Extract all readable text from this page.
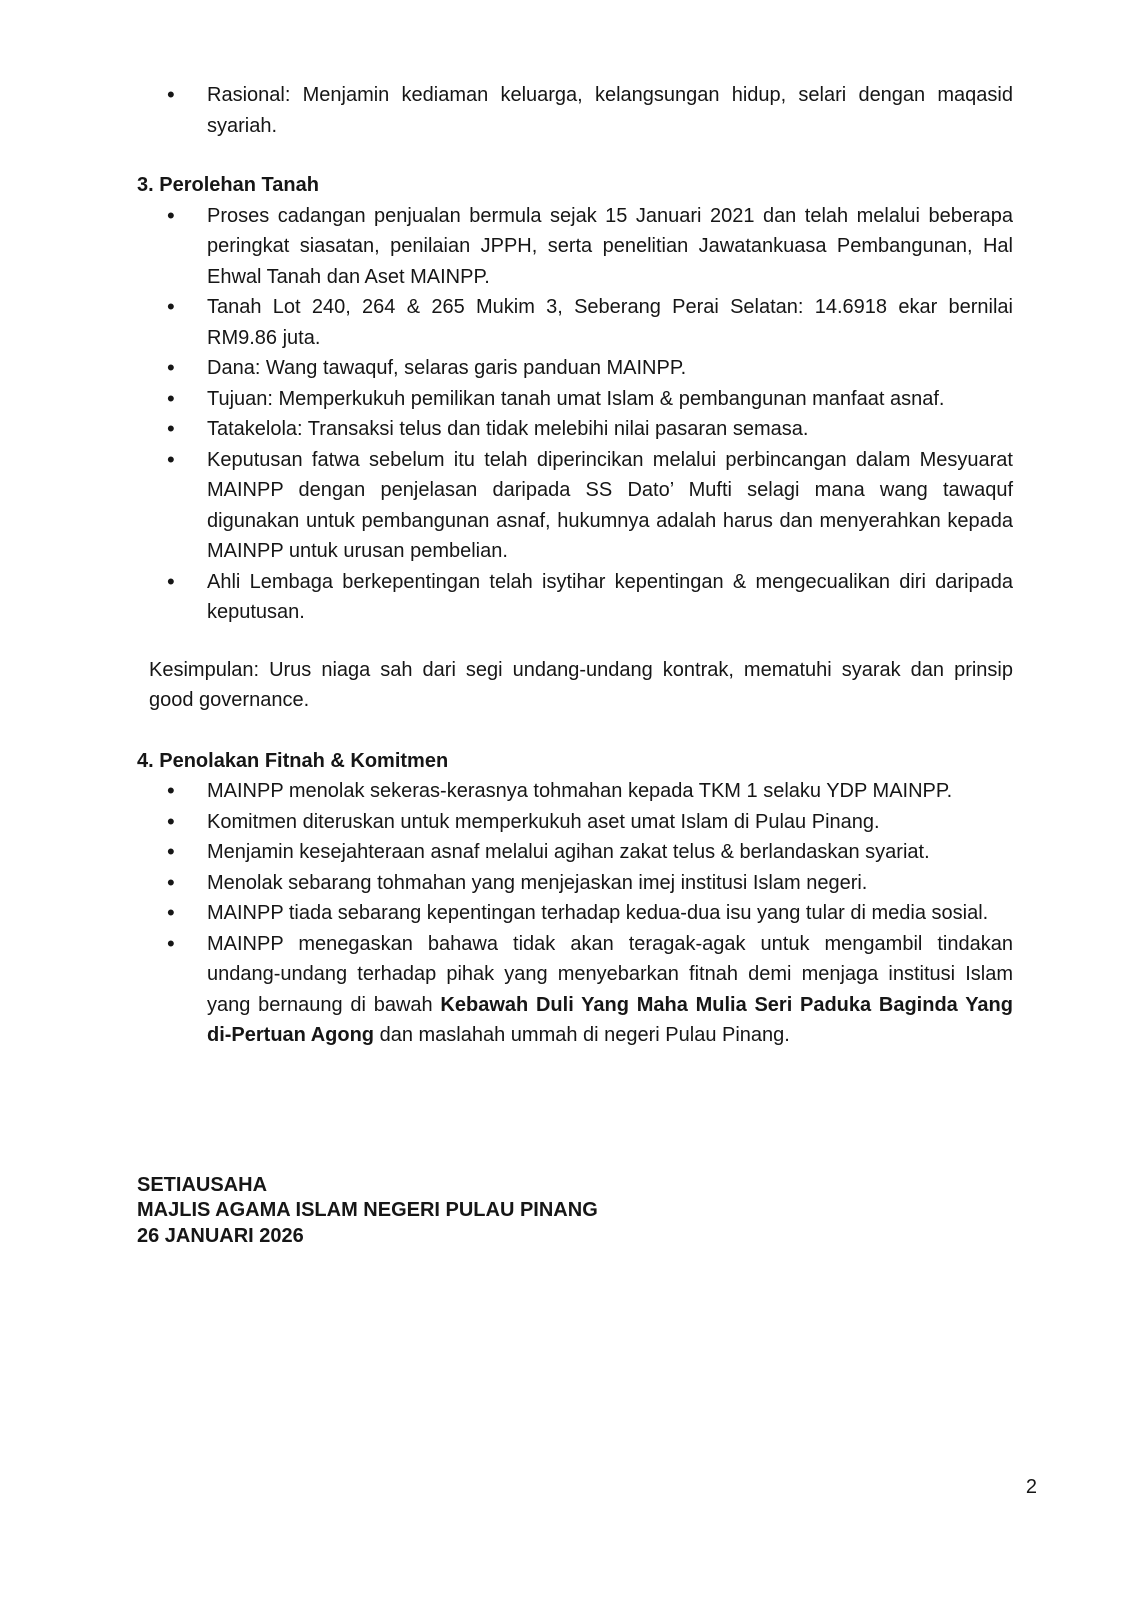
• Rasional: Menjamin kediaman keluarga, kelangsungan hidup, selari dengan maqasid syariah.

3. Perolehan Tanah

• Proses cadangan penjualan bermula sejak 15 Januari 2021 dan telah melalui beberapa peringkat siasatan, penilaian JPPH, serta penelitian Jawatankuasa Pembangunan, Hal Ehwal Tanah dan Aset MAINPP.
• Tanah Lot 240, 264 & 265 Mukim 3, Seberang Perai Selatan: 14.6918 ekar bernilai RM9.86 juta.
• Dana: Wang tawaquf, selaras garis panduan MAINPP.
• Tujuan: Memperkukuh pemilikan tanah umat Islam & pembangunan manfaat asnaf.
• Tatakelola: Transaksi telus dan tidak melebihi nilai pasaran semasa.
• Keputusan fatwa sebelum itu telah diperincikan melalui perbincangan dalam Mesyuarat MAINPP dengan penjelasan daripada SS Dato’ Mufti selagi mana wang tawaquf digunakan untuk pembangunan asnaf, hukumnya adalah harus dan menyerahkan kepada MAINPP untuk urusan pembelian.
• Ahli Lembaga berkepentingan telah isytihar kepentingan & mengecualikan diri daripada keputusan.

Kesimpulan: Urus niaga sah dari segi undang-undang kontrak, mematuhi syarak dan prinsip good governance.

4. Penolakan Fitnah & Komitmen

• MAINPP menolak sekeras-kerasnya tohmahan kepada TKM 1 selaku YDP MAINPP.
• Komitmen diteruskan untuk memperkukuh aset umat Islam di Pulau Pinang.
• Menjamin kesejahteraan asnaf melalui agihan zakat telus & berlandaskan syariat.
• Menolak sebarang tohmahan yang menjejaskan imej institusi Islam negeri.
• MAINPP tiada sebarang kepentingan terhadap kedua-dua isu yang tular di media sosial.
• MAINPP menegaskan bahawa tidak akan teragak-agak untuk mengambil tindakan undang-undang terhadap pihak yang menyebarkan fitnah demi menjaga institusi Islam yang bernaung di bawah Kebawah Duli Yang Maha Mulia Seri Paduka Baginda Yang di-Pertuan Agong dan maslahah ummah di negeri Pulau Pinang.
SETIAUSAHA
MAJLIS AGAMA ISLAM NEGERI PULAU PINANG
26 JANUARI 2026
2
